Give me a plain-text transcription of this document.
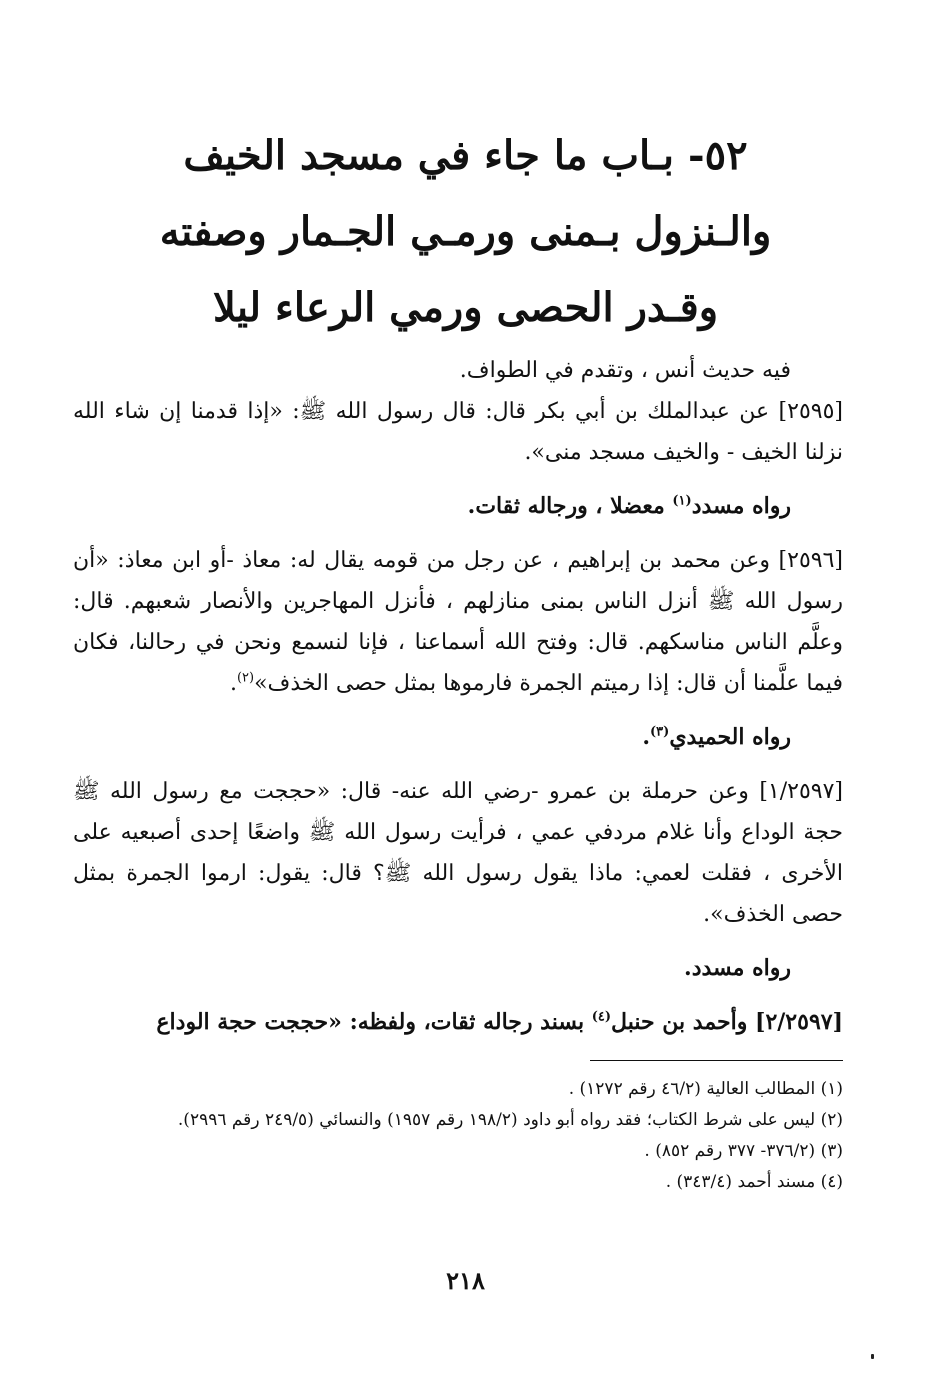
٥٢- بـاب ما جاء في مسجد الخيف
والـنزول بـمنى ورمـي الجـمار وصفته
وقـدر الحصى ورمي الرعاء ليلا

فيه حديث أنس ، وتقدم في الطواف.

[٢٥٩٥] عن عبدالملك بن أبي بكر قال: قال رسول الله ﷺ: «إذا قدمنا إن شاء الله نزلنا الخيف - والخيف مسجد منى».

رواه مسدد$^{(١)}$ معضلا ، ورجاله ثقات.

[٢٥٩٦] وعن محمد بن إبراهيم ، عن رجل من قومه يقال له: معاذ -أو ابن معاذ: «أن رسول الله ﷺ أنزل الناس بمنى منازلهم ، فأنزل المهاجرين والأنصار شعبهم. قال: وعلَّم الناس مناسكهم. قال: وفتح الله أسماعنا ، فإنا لنسمع ونحن في رحالنا، فكان فيما علَّمنا أن قال: إذا رميتم الجمرة فارموها بمثل حصى الخذف»$^{(٢)}$.

رواه الحميدي$^{(٣)}$.

[١/٢٥٩٧] وعن حرملة بن عمرو -رضي الله عنه- قال: «حججت مع رسول الله ﷺ حجة الوداع وأنا غلام مردفي عمي ، فرأيت رسول الله ﷺ واضعًا إحدى أصبعيه على الأخرى ، فقلت لعمي: ماذا يقول رسول الله ﷺ؟ قال: يقول: ارموا الجمرة بمثل حصى الخذف».

رواه مسدد.

[٢/٢٥٩٧] وأحمد بن حنبل$^{(٤)}$ بسند رجاله ثقات، ولفظه: «حججت حجة الوداع

(١) المطالب العالية (٤٦/٢ رقم ١٢٧٢) .

(٢) ليس على شرط الكتاب؛ فقد رواه أبو داود (١٩٨/٢ رقم ١٩٥٧) والنسائي (٢٤٩/٥ رقم ٢٩٩٦).

(٣) (٣٧٦/٢- ٣٧٧ رقم ٨٥٢) .

(٤) مسند أحمد (٣٤٣/٤) .

٢١٨
